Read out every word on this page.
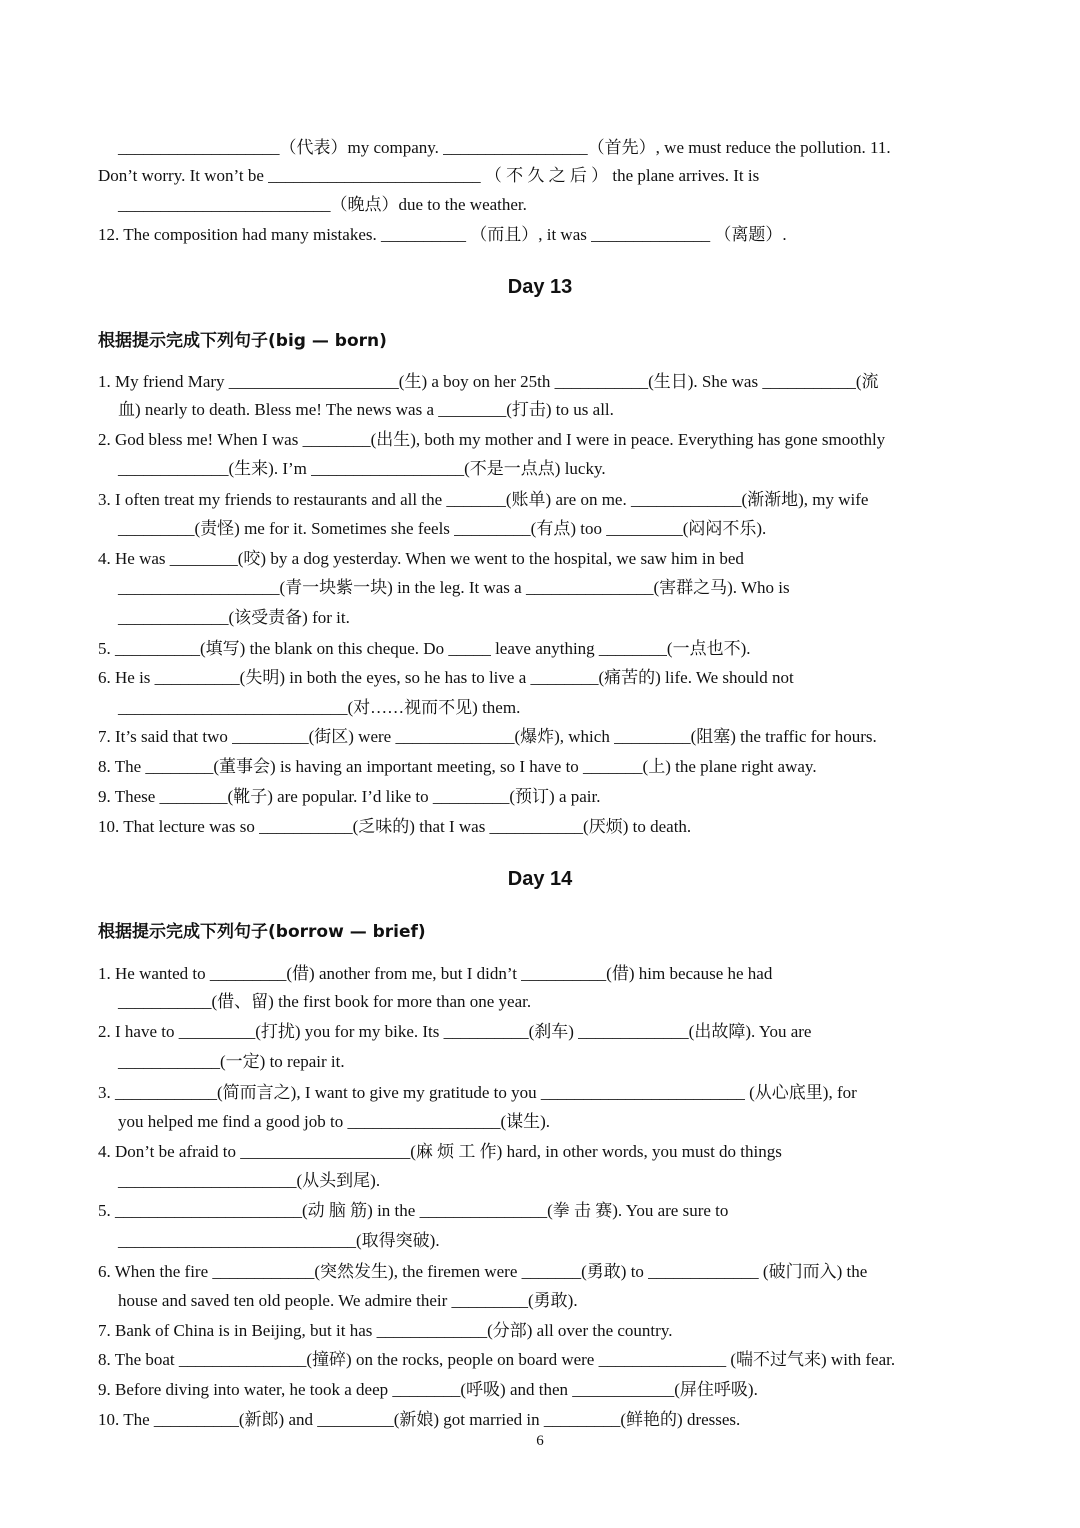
___________________（代表）my company. _________________（首先）, we must reduce the pollution. 11.
Don’t worry. It won’t be _________________________ （ 不 久 之 后 ） the plane arrives. It is
_________________________（晚点）due to the weather.
12. The composition had many mistakes. __________ （而且）, it was ______________ （离题）.
Day 13
根据提示完成下列句子(big — born)
1. My friend Mary ____________________(生) a boy on her 25th ___________(生日). She was ___________(流
血) nearly to death. Bless me! The news was a ________(打击) to us all.
2. God bless me! When I was ________(出生), both my mother and I were in peace. Everything has gone smoothly
_____________(生来). I’m __________________(不是一点点) lucky.
3. I often treat my friends to restaurants and all the _______(账单) are on me. _____________(渐渐地), my wife
_________(责怪) me for it. Sometimes she feels _________(有点) too _________(闷闷不乐).
4. He was ________(咬) by a dog yesterday. When we went to the hospital, we saw him in bed
___________________(青一块紫一块) in the leg. It was a _______________(害群之马). Who is
_____________(该受责备) for it.
5. __________(填写) the blank on this cheque. Do _____ leave anything ________(一点也不).
6. He is __________(失明) in both the eyes, so he has to live a ________(痛苦的) life. We should not
___________________________(对……视而不见) them.
7. It’s said that two _________(街区) were ______________(爆炸), which _________(阻塞) the traffic for hours.
8. The ________(董事会) is having an important meeting, so I have to _______(上) the plane right away.
9. These ________(靴子) are popular. I’d like to _________(预订) a pair.
10. That lecture was so ___________(乏味的) that I was ___________(厌烦) to death.
Day 14
根据提示完成下列句子(borrow — brief)
1. He wanted to _________(借) another from me, but I didn’t __________(借) him because he had
___________(借、留) the first book for more than one year.
2. I have to _________(打扰) you for my bike. Its __________(刹车) _____________(出故障). You are
____________(一定) to repair it.
3. ____________(简而言之), I want to give my gratitude to you ________________________ (从心底里), for
you helped me find a good job to __________________(谋生).
4. Don’t be afraid to ____________________(麻 烦 工 作) hard, in other words, you must do things
_____________________(从头到尾).
5. ______________________(动 脑 筋) in the _______________(拳 击 赛). You are sure to
____________________________(取得突破).
6. When the fire ____________(突然发生), the firemen were _______(勇敢) to _____________ (破门而入) the
house and saved ten old people. We admire their _________(勇敢).
7. Bank of China is in Beijing, but it has _____________(分部) all over the country.
8. The boat _______________(撞碎) on the rocks, people on board were _______________ (喘不过气来) with fear.
9. Before diving into water, he took a deep ________(呼吸) and then ____________(屏住呼吸).
10. The __________(新郎) and _________(新娘) got married in _________(鲜艳的) dresses.
6
